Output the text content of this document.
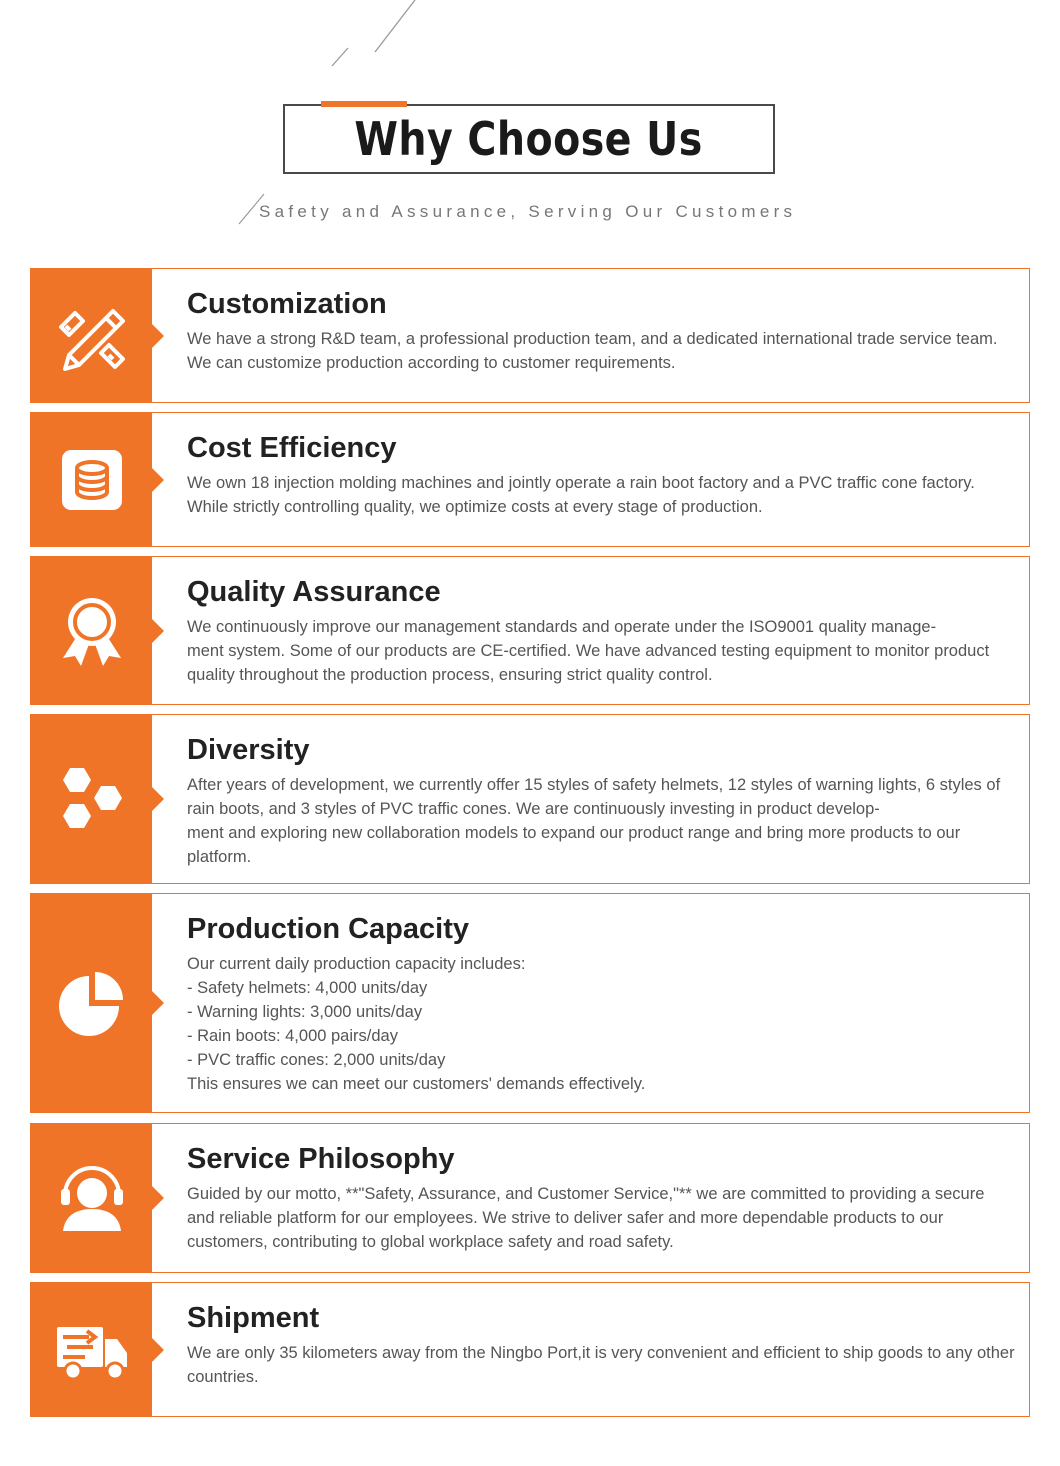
Why Choose Us
Safety and Assurance, Serving Our Customers
Customization

We have a strong R&D team, a professional production team, and a dedicated international trade service team. We can customize production according to customer requirements.

Cost Efficiency

We own 18 injection molding machines and jointly operate a rain boot factory and a PVC traffic cone factory. While strictly controlling quality, we optimize costs at every stage of production.

Quality Assurance

We continuously improve our management standards and operate under the ISO9001 quality manage-
ment system. Some of our products are CE-certified. We have advanced testing equipment to monitor product quality throughout the production process, ensuring strict quality control.

Diversity

After years of development, we currently offer 15 styles of safety helmets, 12 styles of warning lights, 6 styles of rain boots, and 3 styles of PVC traffic cones. We are continuously investing in product develop-
ment and exploring new collaboration models to expand our product range and bring more products to our platform.

Production Capacity

Our current daily production capacity includes:
- Safety helmets: 4,000 units/day
- Warning lights: 3,000 units/day
- Rain boots: 4,000 pairs/day
- PVC traffic cones: 2,000 units/day
This ensures we can meet our customers' demands effectively.

Service Philosophy

Guided by our motto, **"Safety, Assurance, and Customer Service,"** we are committed to providing a secure and reliable platform for our employees. We strive to deliver safer and more dependable products to our customers, contributing to global workplace safety and road safety.

Shipment

We are only 35 kilometers away from the Ningbo Port,it is very convenient and efficient to ship goods to any other countries.
